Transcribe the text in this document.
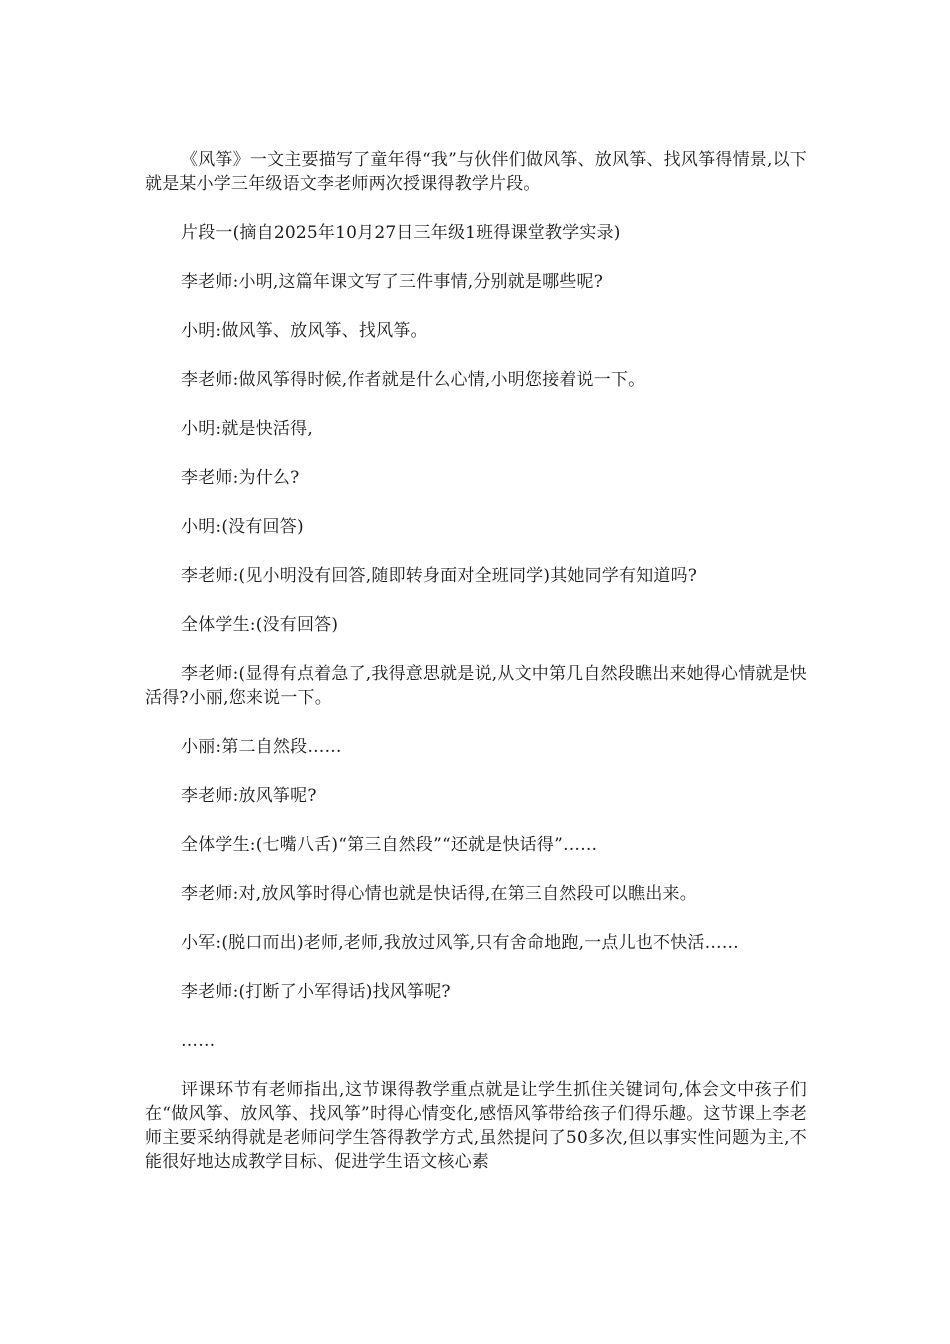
《风筝》一文主要描写了童年得“我”与伙伴们做风筝、放风筝、找风筝得情景,以下就是某小学三年级语文李老师两次授课得教学片段。

片段一(摘自2025年10月27日三年级1班得课堂教学实录)

李老师:小明,这篇年课文写了三件事情,分别就是哪些呢?

小明:做风筝、放风筝、找风筝。

李老师:做风筝得时候,作者就是什么心情,小明您接着说一下。

小明:就是快活得,

李老师:为什么?

小明:(没有回答)

李老师:(见小明没有回答,随即转身面对全班同学)其她同学有知道吗?

全体学生:(没有回答)

李老师:(显得有点着急了,我得意思就是说,从文中第几自然段瞧出来她得心情就是快活得?小丽,您来说一下。

小丽:第二自然段……

李老师:放风筝呢?

全体学生:(七嘴八舌)“第三自然段”“还就是快话得”……

李老师:对,放风筝时得心情也就是快话得,在第三自然段可以瞧出来。

小军:(脱口而出)老师,老师,我放过风筝,只有舍命地跑,一点儿也不快活……

李老师:(打断了小军得话)找风筝呢?

……

评课环节有老师指出,这节课得教学重点就是让学生抓住关键词句,体会文中孩子们在“做风筝、放风筝、找风筝”时得心情变化,感悟风筝带给孩子们得乐趣。这节课上李老师主要采纳得就是老师问学生答得教学方式,虽然提问了50多次,但以事实性问题为主,不能很好地达成教学目标、促进学生语文核心素
